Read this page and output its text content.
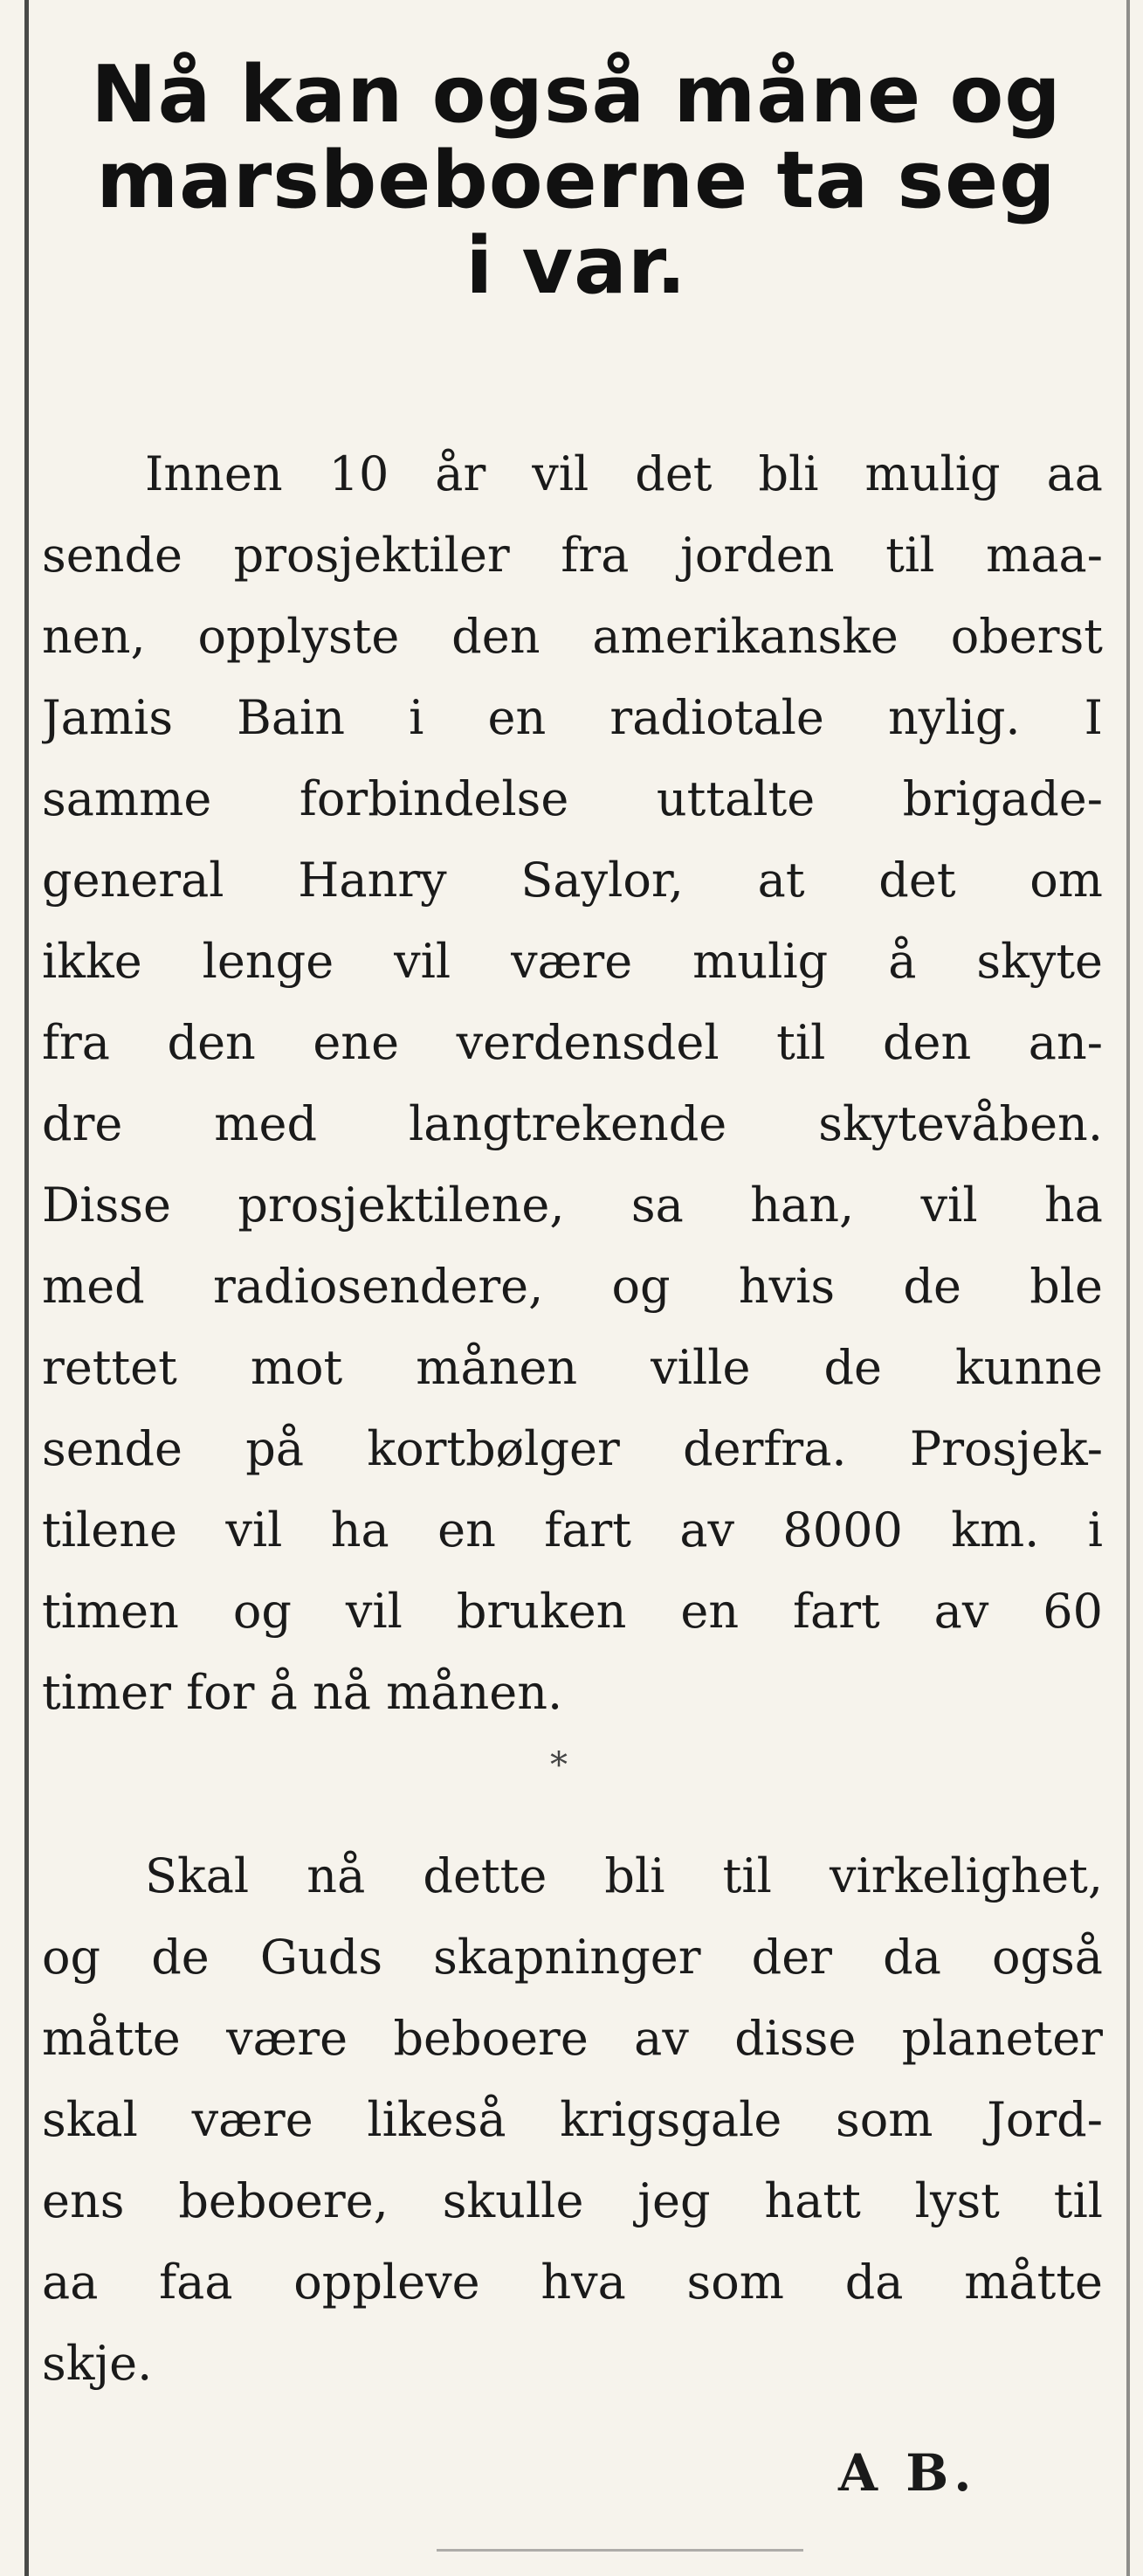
Nå kan også måne og
marsbeboerne ta seg
i var.

Innen 10 år vil det bli mulig aa
sende prosjektiler fra jorden til maa-
nen, opplyste den amerikanske oberst
Jamis Bain i en radiotale nylig. I
samme forbindelse uttalte brigade-
general Hanry Saylor, at det om
ikke lenge vil være mulig å skyte
fra den ene verdensdel til den an-
dre med langtrekende skytevåben.
Disse prosjektilene, sa han, vil ha
med radiosendere, og hvis de ble
rettet mot månen ville de kunne
sende på kortbølger derfra. Prosjek-
tilene vil ha en fart av 8000 km. i
timen og vil bruken en fart av 60
timer for å nå månen.

*

Skal nå dette bli til virkelighet,
og de Guds skapninger der da også
måtte være beboere av disse planeter
skal være likeså krigsgale som Jord-
ens beboere, skulle jeg hatt lyst til
aa faa oppleve hva som da måtte
skje.

A B.
